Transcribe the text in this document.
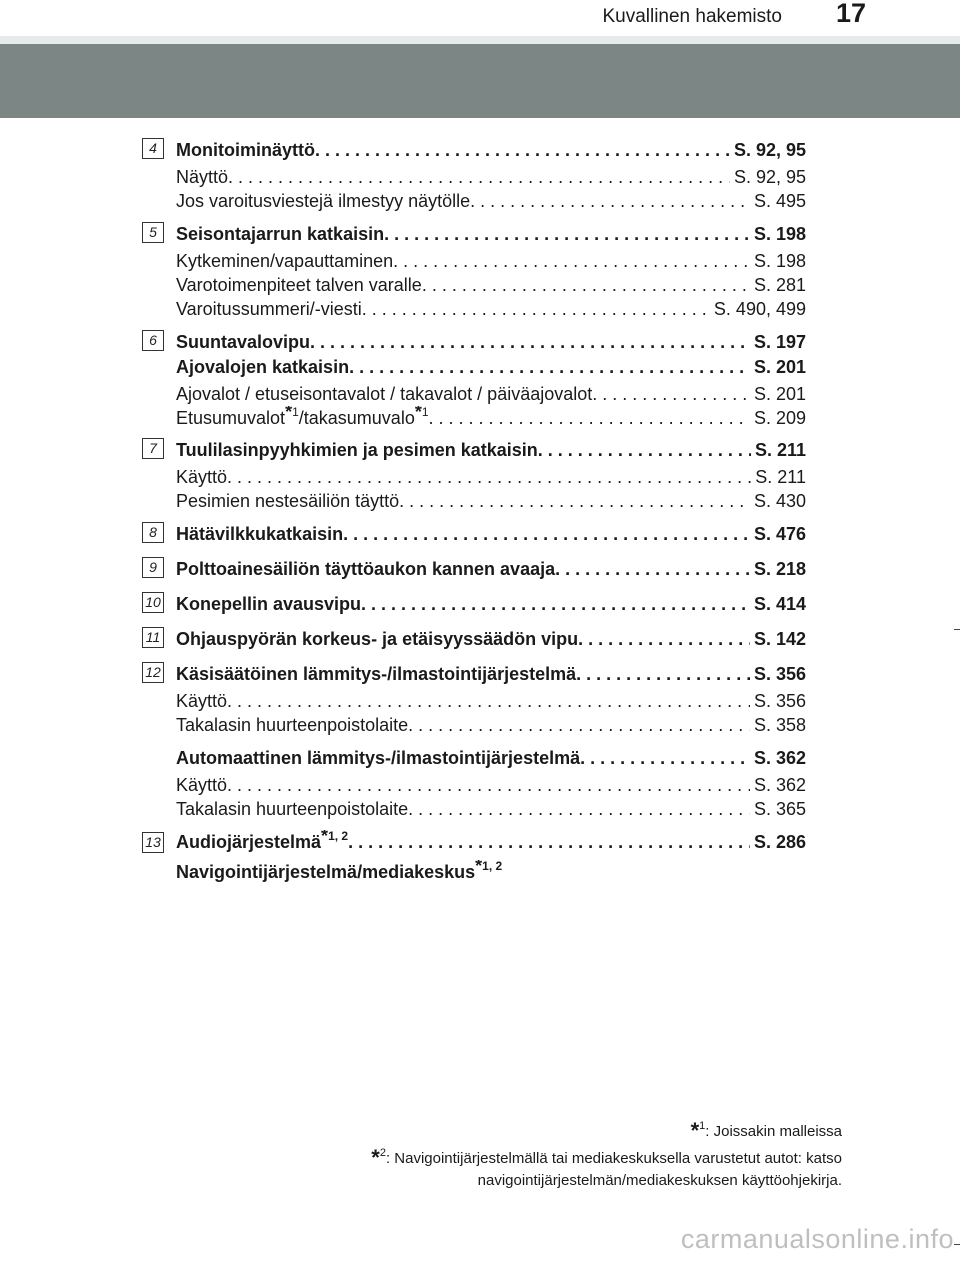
17
Kuvallinen hakemisto
4	Monitoiminäyttö . . .	S. 92, 95
Näyttö . . .	S. 92, 95
Jos varoitusviestejä ilmestyy näytölle . . .	S. 495
5	Seisontajarrun katkaisin . . .	S. 198
Kytkeminen/vapauttaminen . . .	S. 198
Varotoimenpiteet talven varalle . . .	S. 281
Varoitussummeri/-viesti . . .	S. 490, 499
6	Suuntavalovipu . . .	S. 197
Ajovalojen katkaisin . . .	S. 201
Ajovalot / etuseisontavalot / takavalot / päiväajovalot . . .	S. 201
Etusumuvalot$^{*1}$/takasumuvalo$^{*1}$ . . .	S. 209
7	Tuulilasinpyyhkimien ja pesimen katkaisin . . .	S. 211
Käyttö . . .	S. 211
Pesimien nestesäiliön täyttö . . .	S. 430
8	Hätävilkkukatkaisin . . .	S. 476
9	Polttoainesäiliön täyttöaukon kannen avaaja . . .	S. 218
10 Konepellin avausvipu . . .	S. 414
11 Ohjauspyörän korkeus- ja etäisyyssäädön vipu . . .	S. 142
12 Käsisäätöinen lämmitys-/ilmastointijärjestelmä . . .	S. 356
Käyttö . . .	S. 356
Takalasin huurteenpoistolaite . . .	S. 358
Automaattinen lämmitys-/ilmastointijärjestelmä . . .	S. 362
Käyttö . . .	S. 362
Takalasin huurteenpoistolaite . . .	S. 365
13 Audiojärjestelmä$^{*1, 2}$ . . .	S. 286
Navigointijärjestelmä/mediakeskus$^{*1, 2}$
*$^1$: Joissakin malleissa
*$^2$: Navigointijärjestelmällä tai mediakeskuksella varustetut autot: katso
navigointijärjestelmän/mediakeskuksen käyttöohjekirja.
carmanualsonline.info
